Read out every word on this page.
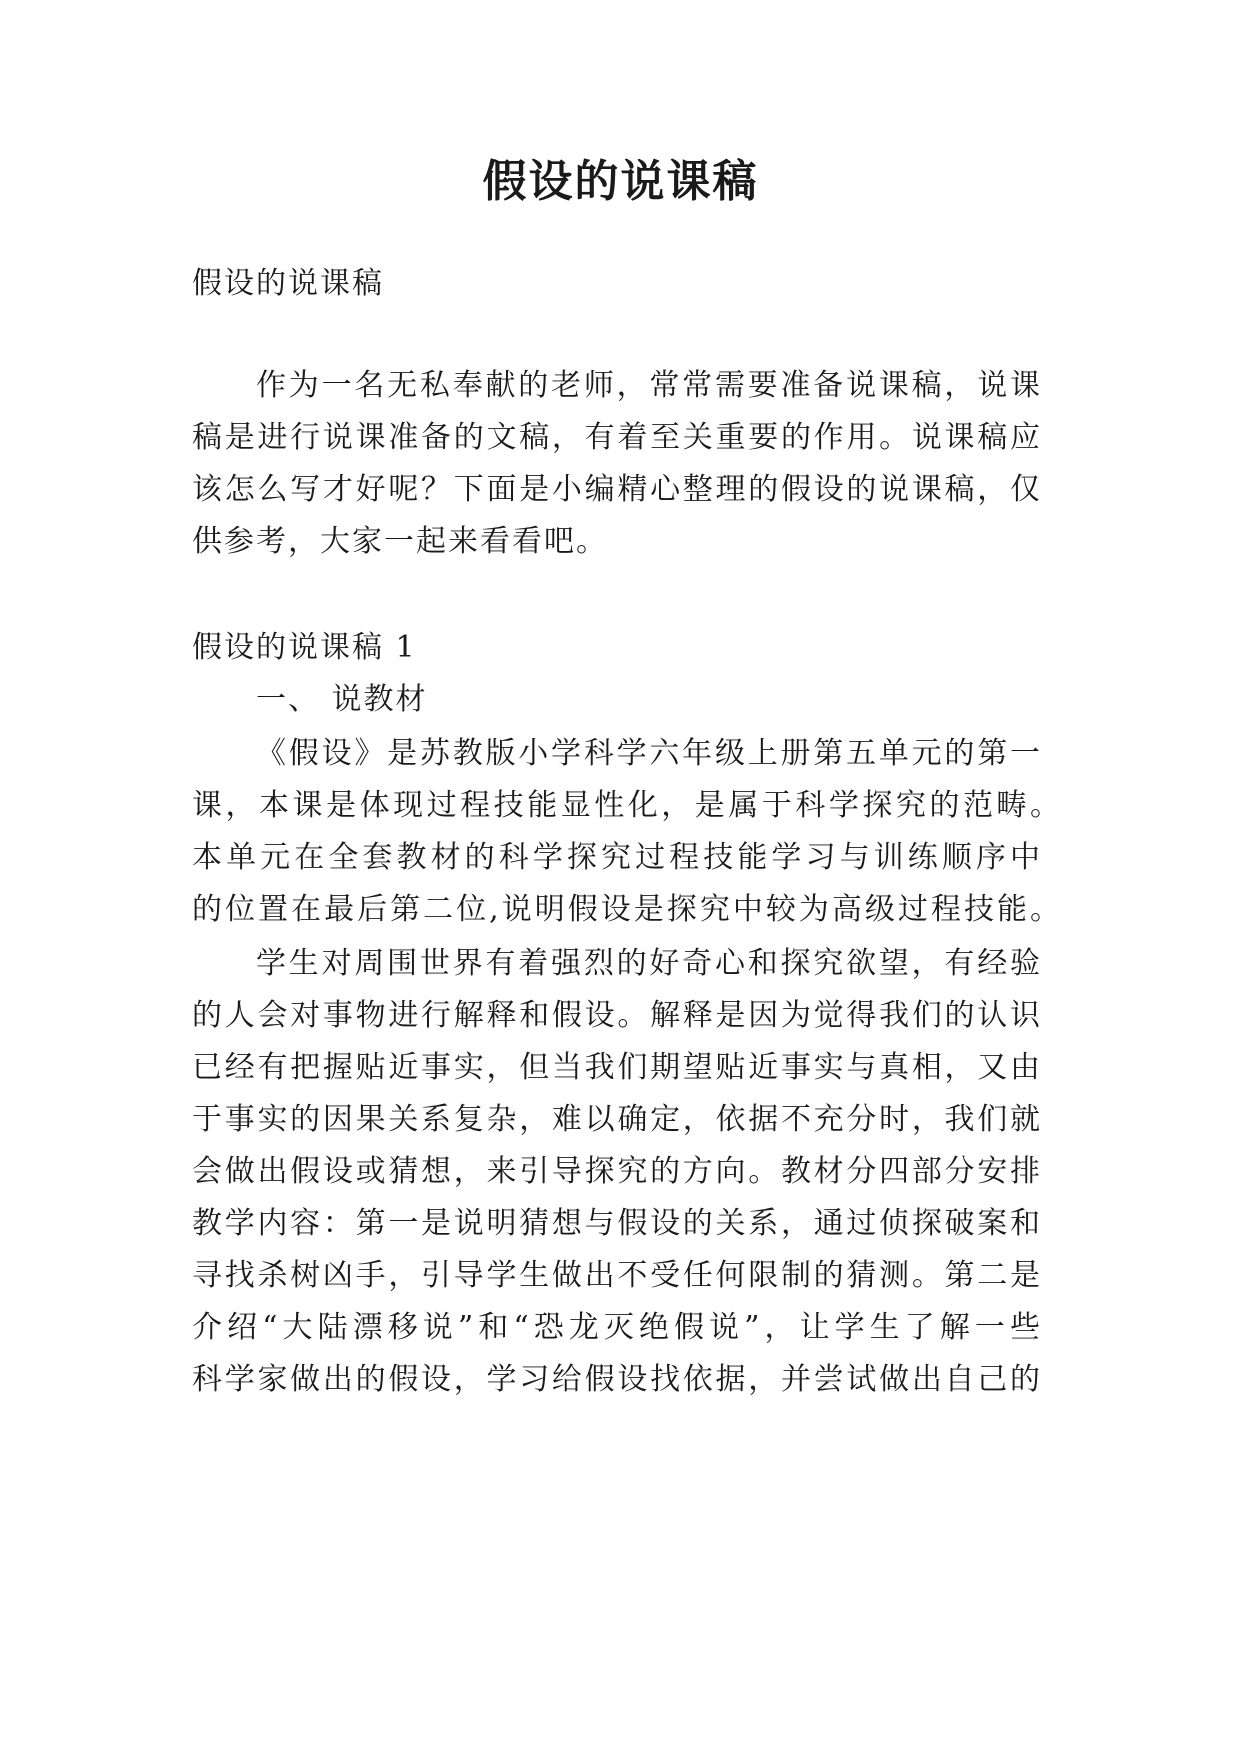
假设的说课稿

假设的说课稿

作为一名无私奉献的老师，常常需要准备说课稿，说课

稿是进行说课准备的文稿，有着至关重要的作用。说课稿应

该怎么写才好呢？下面是小编精心整理的假设的说课稿，仅

供参考，大家一起来看看吧。

假设的说课稿 1

一、 说教材

《假设》是苏教版小学科学六年级上册第五单元的第一

课，本课是体现过程技能显性化，是属于科学探究的范畴。

本单元在全套教材的科学探究过程技能学习与训练顺序中

的位置在最后第二位,说明假设是探究中较为高级过程技能。

学生对周围世界有着强烈的好奇心和探究欲望，有经验

的人会对事物进行解释和假设。解释是因为觉得我们的认识

已经有把握贴近事实，但当我们期望贴近事实与真相，又由

于事实的因果关系复杂，难以确定，依据不充分时，我们就

会做出假设或猜想，来引导探究的方向。教材分四部分安排

教学内容：第一是说明猜想与假设的关系，通过侦探破案和

寻找杀树凶手，引导学生做出不受任何限制的猜测。第二是

介绍“大陆漂移说”和“恐龙灭绝假说”，让学生了解一些

科学家做出的假设，学习给假设找依据，并尝试做出自己的
